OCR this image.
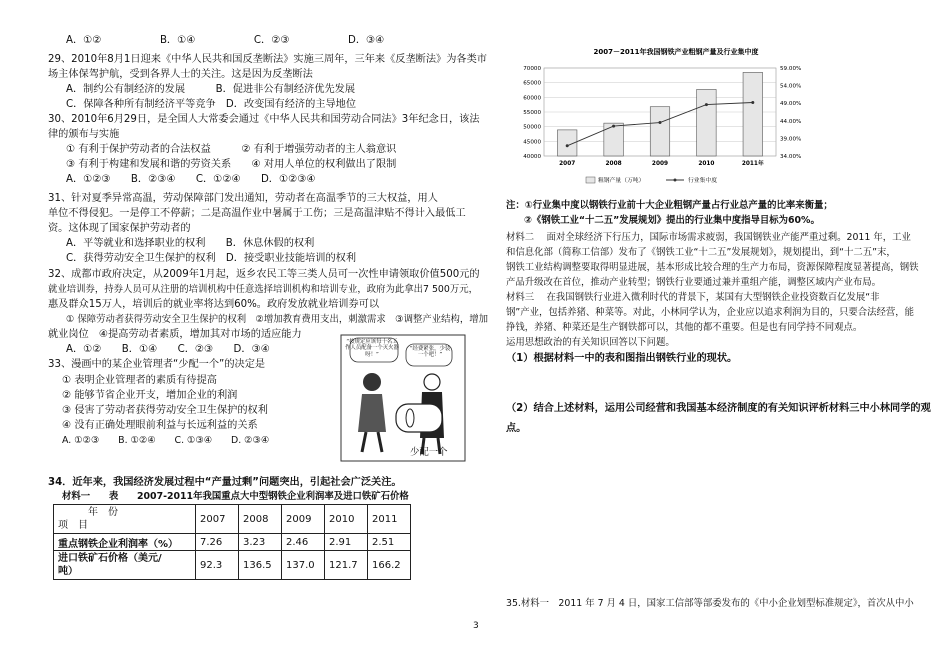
A．①②	B．①④	C．②③	D．③④
29、2010年8月1日迎来《中华人民共和国反垄断法》实施三周年，三年来《反垄断法》为各类市
场主体保驾护航，受到各界人士的关注。这是因为反垄断法
A．制约公有制经济的发展　　　B．促进非公有制经济优先发展
C．保障各种所有制经济平等竞争　D．改变国有经济的主导地位
30、2010年6月29日，是全国人大常委会通过《中华人民共和国劳动合同法》3年纪念日，该法
律的颁布与实施
① 有利于保护劳动者的合法权益　　　② 有利于增强劳动者的主人翁意识
③ 有利于构建和发展和谐的劳资关系　　④ 对用人单位的权利做出了限制
A．①②③　　B．②③④　　C．①②④　　D．①②③④
31、针对夏季异常高温，劳动保障部门发出通知，劳动者在高温季节的三大权益，用人
单位不得侵犯。一是停工不停薪；二是高温作业中暑属于工伤；三是高温津贴不得计入最低工
资。这体现了国家保护劳动者的
A．平等就业和选择职业的权利　　B．休息休假的权利
C．获得劳动安全卫生保护的权利　D．接受职业技能培训的权利
32、成都市政府决定，从2009年1月起，返乡农民工等三类人员可一次性申请领取价值500元的
就业培训券，持券人员可从注册的培训机构中任意选择培训机构和培训专业，政府为此拿出7 500万元，
惠及群众15万人，培训后的就业率将达到60%。政府发放就业培训券可以
① 保障劳动者获得劳动安全卫生保护的权利　②增加教育费用支出，刺激需求　③调整产业结构，增加
就业岗位　④提高劳动者素质，增加其对市场的适应能力
A．①②　　B．①④　　C．②③　　D．③④
33、漫画中的某企业管理者“少配一个”的决定是
① 表明企业管理者的素质有待提高
② 能够节省企业开支，增加企业的利润
③ 侵害了劳动者获得劳动安全卫生保护的权利
④ 没有正确处理眼前利益与长远利益的关系
A. ①②③　　B. ①②④　　C. ①③④　　D. ②③④
“按规定应该每十名工作人员配备一个灭火器呀！”
“经费紧张，少装一个吧！”
少配一个
34．近年来，我国经济发展过程中“产量过剩”问题突出，引起社会广泛关注。
材料一　　表　　2007-2011年我国重点大中型钢铁企业利润率及进口铁矿石价格
年　份
项　目	2007	2008	2009	2010	2011
重点钢铁企业利润率（%）	7.26	3.23	2.46	2.91	2.51

进口铁矿石价格（美元/
吨）	92.3	136.5	137.0	121.7	166.2
2007－2011年我国钢铁产业粗钢产量及行业集中度
40000
45000
50000
55000
60000
65000
70000
34.00%
39.00%
44.00%
49.00%
54.00%
59.00%
2007	2008	2009	2010	2011年
粗钢产量（万吨）	行业集中度
注：①行业集中度以钢铁行业前十大企业粗钢产量占行业总产量的比率来衡量；
②《钢铁工业“十二五”发展规划》提出的行业集中度指导目标为60%。
材料二　 面对全球经济下行压力，国际市场需求疲弱，我国钢铁业产能严重过剩。2011 年，工业
和信息化部（简称工信部）发布了《钢铁工业“十二五”发展规划》，规划提出，到“十二五”末，
钢铁工业结构调整要取得明显进展，基本形成比较合理的生产力布局，资源保障程度显著提高，钢铁
产品升级改在首位，推动产业转型；钢铁行业要通过兼并重组产能，调整区域内产业布局。
材料三　 在我国钢铁行业进入微利时代的背景下，某国有大型钢铁企业投资数百亿发展“非
钢”产业，包括养猪、种菜等。对此，小林同学认为，企业应以追求利润为目的，只要合法经营，能
挣钱，养猪、种菜还是生产钢铁都可以，其他的都不重要。但是也有同学持不同观点。
运用思想政治的有关知识回答以下问题。
（1）根据材料一中的表和图指出钢铁行业的现状。
（2）结合上述材料，运用公司经营和我国基本经济制度的有关知识评析材料三中小林同学的观
点。
35.材料一　2011 年 7 月 4 日，国家工信部等部委发布的《中小企业划型标准规定》，首次从中小
3
